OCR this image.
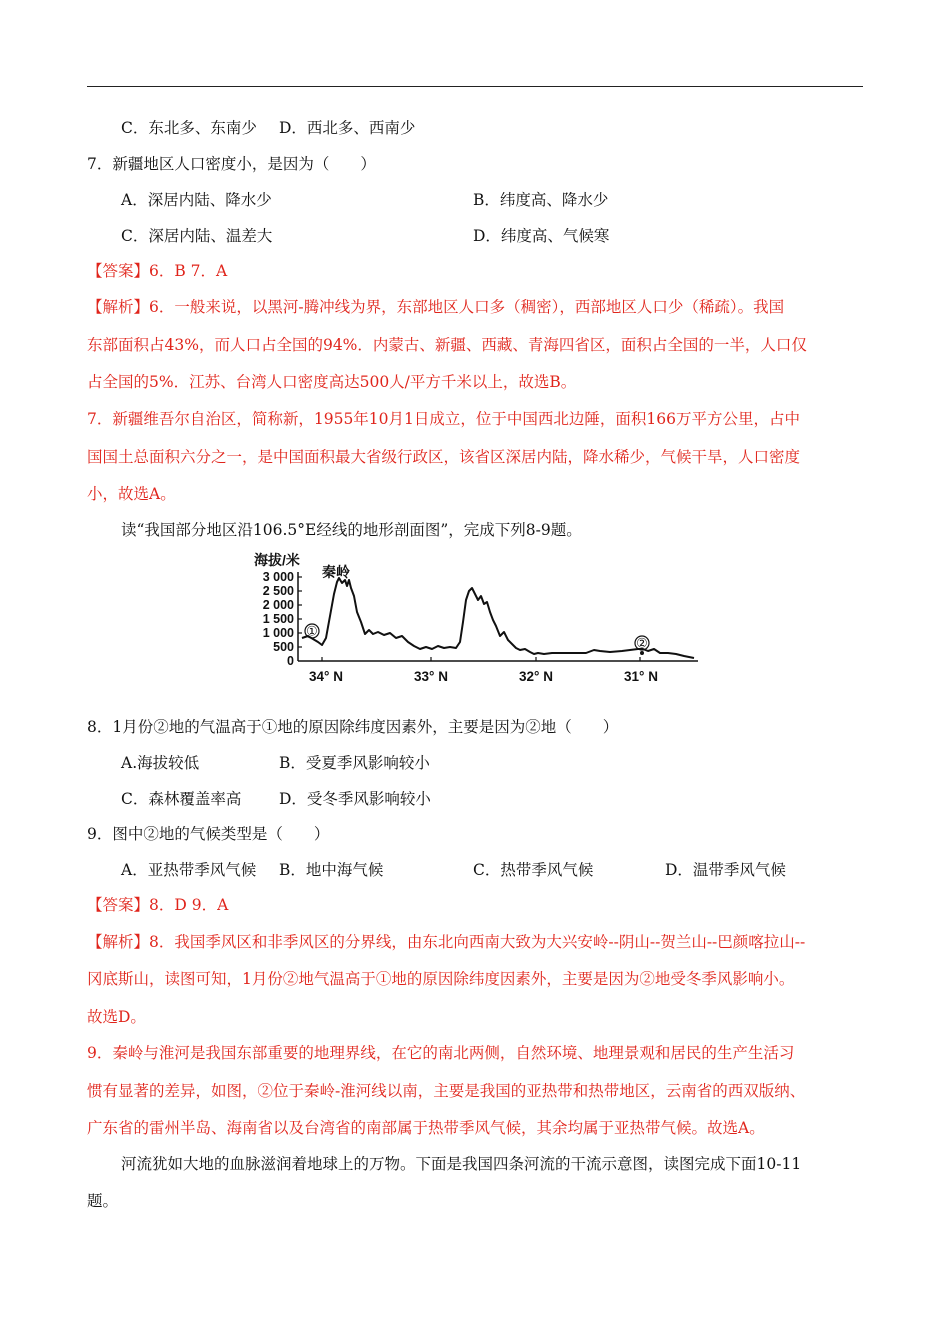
C．东北多、东南少 D．西北多、西南少
7．新疆地区人口密度小，是因为（　　）
A．深居内陆、降水少	B．纬度高、降水少
C．深居内陆、温差大	D．纬度高、气候寒
【答案】6．B 7．A
【解析】6．一般来说，以黑河-腾冲线为界，东部地区人口多（稠密），西部地区人口少（稀疏）。我国
东部面积占43%，而人口占全国的94%．内蒙古、新疆、西藏、青海四省区，面积占全国的一半，人口仅
占全国的5%．江苏、台湾人口密度高达500人/平方千米以上，故选B。
7．新疆维吾尔自治区，简称新，1955年10月1日成立，位于中国西北边陲，面积166万平方公里，占中
国国土总面积六分之一，是中国面积最大省级行政区，该省区深居内陆，降水稀少，气候干旱，人口密度
小，故选A。
读“我国部分地区沿106.5°E经线的地形剖面图”，完成下列8-9题。
海拔/米
秦岭
3 000
2 500
2 000
1 500
1 000
500
0
①
②
34° N	33° N	32° N	31° N
8．1月份②地的气温高于①地的原因除纬度因素外，主要是因为②地（　　）
A.海拔较低	B．受夏季风影响较小
C．森林覆盖率高 D．受冬季风影响较小
9．图中②地的气候类型是（　　）
A．亚热带季风气候 B．地中海气候	C．热带季风气候	D．温带季风气候
【答案】8．D 9．A
【解析】8．我国季风区和非季风区的分界线，由东北向西南大致为大兴安岭--阴山--贺兰山--巴颜喀拉山--
冈底斯山，读图可知，1月份②地气温高于①地的原因除纬度因素外，主要是因为②地受冬季风影响小。
故选D。
9．秦岭与淮河是我国东部重要的地理界线，在它的南北两侧，自然环境、地理景观和居民的生产生活习
惯有显著的差异，如图，②位于秦岭-淮河线以南，主要是我国的亚热带和热带地区，云南省的西双版纳、
广东省的雷州半岛、海南省以及台湾省的南部属于热带季风气候，其余均属于亚热带气候。故选A。
河流犹如大地的血脉滋润着地球上的万物。下面是我国四条河流的干流示意图，读图完成下面10-11
题。
